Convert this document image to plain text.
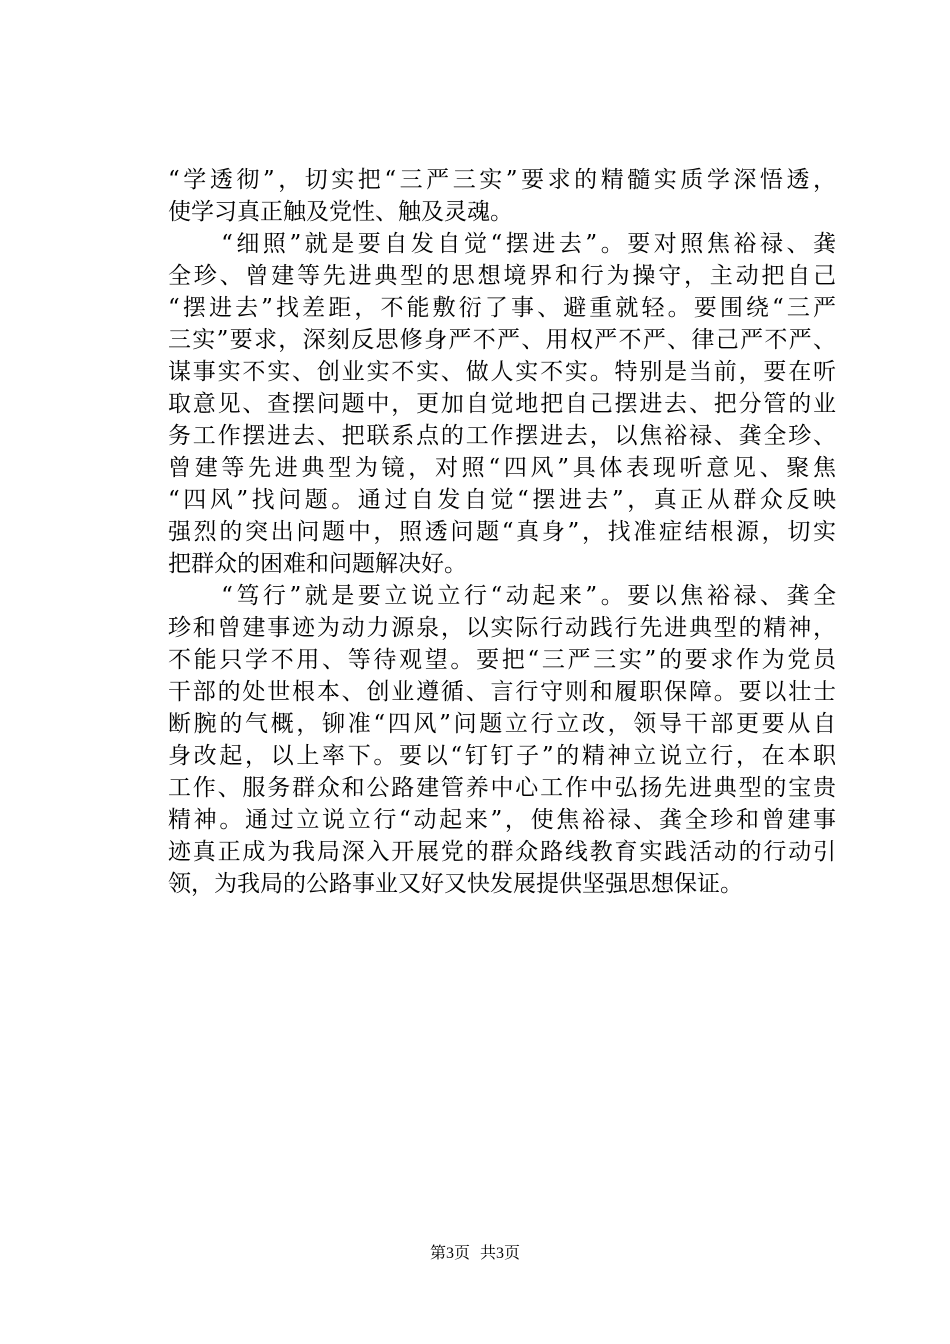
“学透彻”，切实把“三严三实”要求的精髓实质学深悟透，
使学习真正触及党性、触及灵魂。
　　“细照”就是要自发自觉“摆进去”。要对照焦裕禄、龚
全珍、曾建等先进典型的思想境界和行为操守，主动把自己
“摆进去”找差距，不能敷衍了事、避重就轻。要围绕“三严
三实”要求，深刻反思修身严不严、用权严不严、律己严不严、
谋事实不实、创业实不实、做人实不实。特别是当前，要在听
取意见、查摆问题中，更加自觉地把自己摆进去、把分管的业
务工作摆进去、把联系点的工作摆进去，以焦裕禄、龚全珍、
曾建等先进典型为镜，对照“四风”具体表现听意见、聚焦
“四风”找问题。通过自发自觉“摆进去”，真正从群众反映
强烈的突出问题中，照透问题“真身”，找准症结根源，切实
把群众的困难和问题解决好。
　　“笃行”就是要立说立行“动起来”。要以焦裕禄、龚全
珍和曾建事迹为动力源泉，以实际行动践行先进典型的精神，
不能只学不用、等待观望。要把“三严三实”的要求作为党员
干部的处世根本、创业遵循、言行守则和履职保障。要以壮士
断腕的气概，铆准“四风”问题立行立改，领导干部更要从自
身改起，以上率下。要以“钉钉子”的精神立说立行，在本职
工作、服务群众和公路建管养中心工作中弘扬先进典型的宝贵
精神。通过立说立行“动起来”，使焦裕禄、龚全珍和曾建事
迹真正成为我局深入开展党的群众路线教育实践活动的行动引
领，为我局的公路事业又好又快发展提供坚强思想保证。
第3页 共3页
